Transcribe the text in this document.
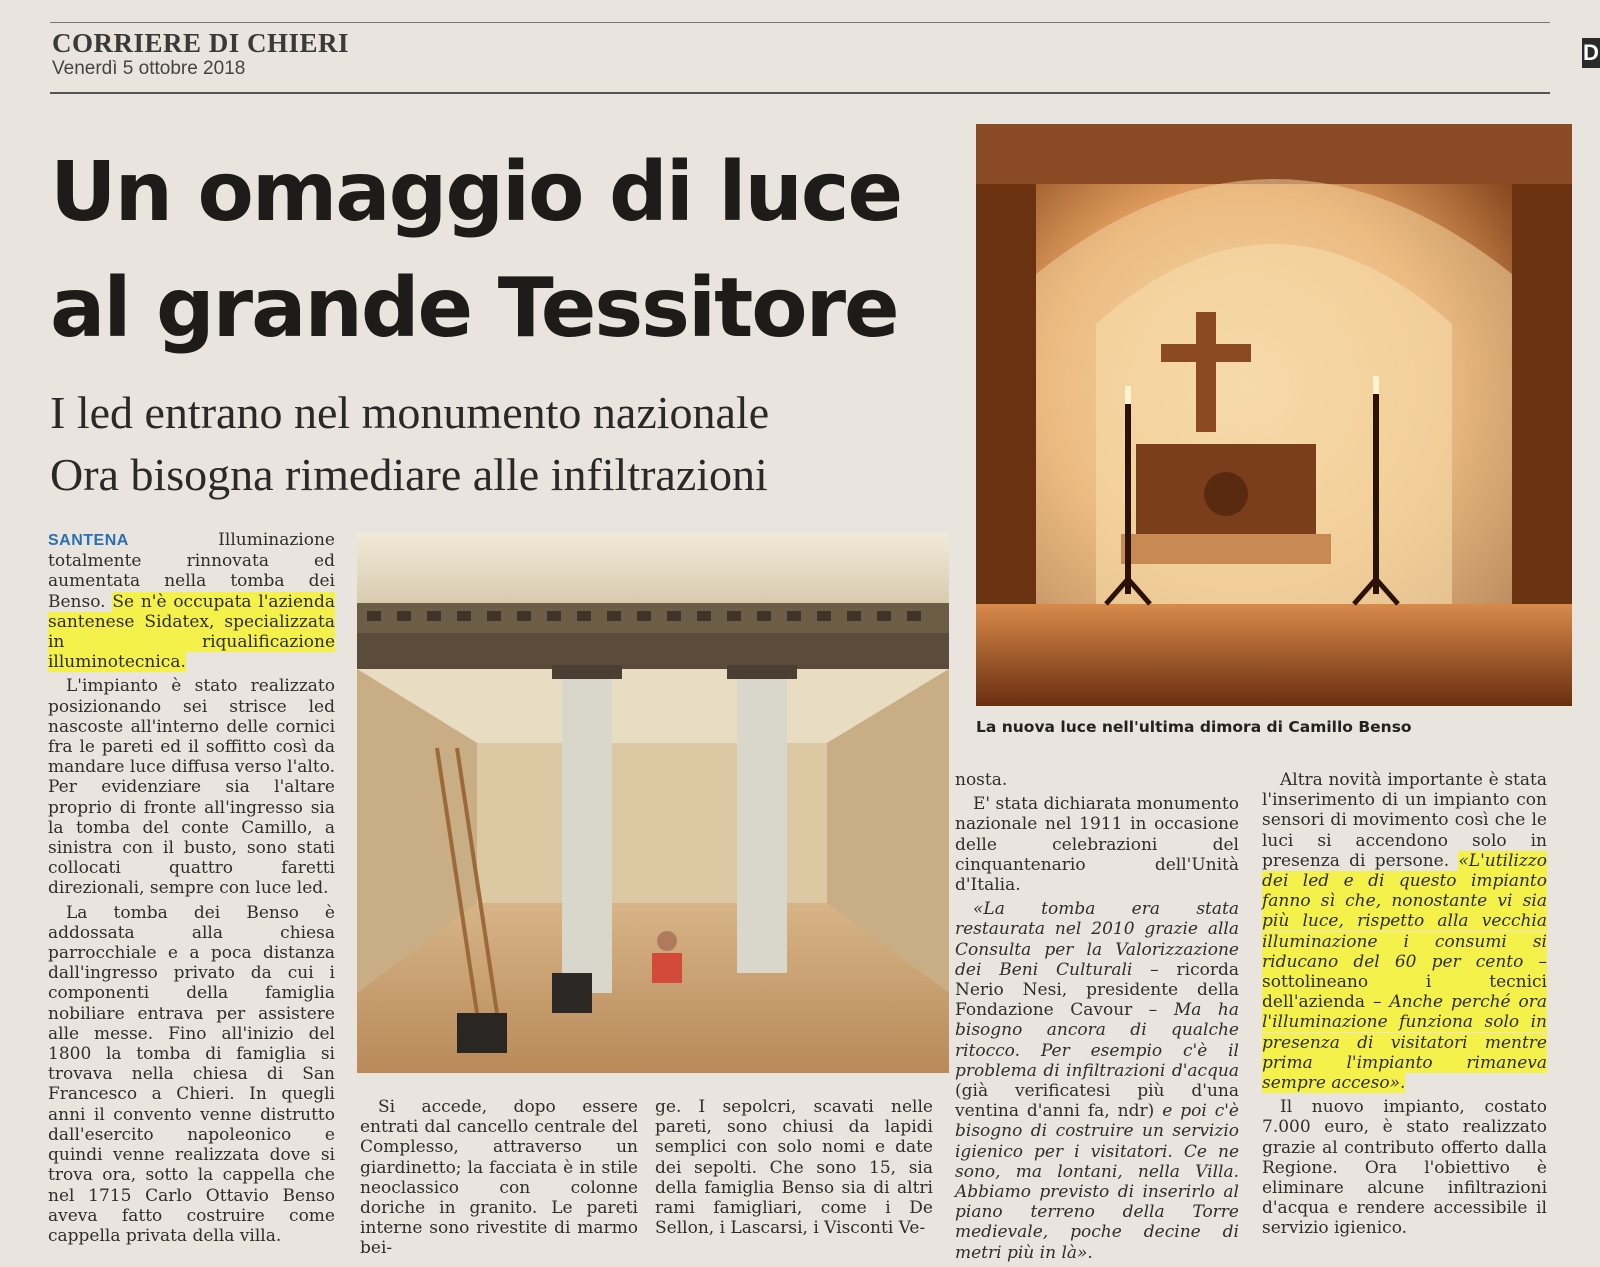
CORRIERE DI CHIERI
Venerdì 5 ottobre 2018
D
Un omaggio di luce
al grande Tessitore
I led entrano nel monumento nazionale
Ora bisogna rimediare alle infiltrazioni
La nuova luce nell'ultima dimora di Camillo Benso

SANTENA	Illuminazione totalmente rinnovata ed aumentata nella tomba dei Benso. Se n'è occupata l'azienda santenese Sidatex, specializzata in riqualificazione illuminotecnica.

L'impianto è stato realizzato posizionando sei strisce led nascoste all'interno delle cornici fra le pareti ed il soffitto così da mandare luce diffusa verso l'alto. Per evidenziare sia l'altare proprio di fronte all'ingresso sia la tomba del conte Camillo, a sinistra con il busto, sono stati collocati quattro faretti direzionali, sempre con luce led.

La tomba dei Benso è addossata alla chiesa parrocchiale e a poca distanza dall'ingresso privato da cui i componenti della famiglia nobiliare entrava per assistere alle messe. Fino all'inizio del 1800 la tomba di famiglia si trovava nella chiesa di San Francesco a Chieri. In quegli anni il convento venne distrutto dall'esercito napoleonico e quindi venne realizzata dove si trova ora, sotto la cappella che nel 1715 Carlo Ottavio Benso aveva fatto costruire come cappella privata della villa.

Si accede, dopo essere entrati dal cancello centrale del Complesso, attraverso un giardinetto; la facciata è in stile neoclassico con colonne doriche in granito. Le pareti interne sono rivestite di marmo bei-

ge. I sepolcri, scavati nelle pareti, sono chiusi da lapidi semplici con solo nomi e date dei sepolti. Che sono 15, sia della famiglia Benso sia di altri rami famigliari, come i De Sellon, i Lascarsi, i Visconti Ve-

nosta.

E' stata dichiarata monumento nazionale nel 1911 in occasione delle celebrazioni del cinquantenario dell'Unità d'Italia.

«La tomba era stata restaurata nel 2010 grazie alla Consulta per la Valorizzazione dei Beni Culturali – ricorda Nerio Nesi, presidente della Fondazione Cavour – Ma ha bisogno ancora di qualche ritocco. Per esempio c'è il problema di infiltrazioni d'acqua (già verificatesi più d'una ventina d'anni fa, ndr) e poi c'è bisogno di costruire un servizio igienico per i visitatori. Ce ne sono, ma lontani, nella Villa. Abbiamo previsto di inserirlo al piano terreno della Torre medievale, poche decine di metri più in là».

Altra novità importante è stata l'inserimento di un impianto con sensori di movimento così che le luci si accendono solo in presenza di persone. «L'utilizzo dei led e di questo impianto fanno sì che, nonostante vi sia più luce, rispetto alla vecchia illuminazione i consumi si riducano del 60 per cento – sottolineano i tecnici dell'azienda – Anche perché ora l'illuminazione funziona solo in presenza di visitatori mentre prima l'impianto rimaneva sempre acceso».

Il nuovo impianto, costato 7.000 euro, è stato realizzato grazie al contributo offerto dalla Regione. Ora l'obiettivo è eliminare alcune infiltrazioni d'acqua e rendere accessibile il servizio igienico.
